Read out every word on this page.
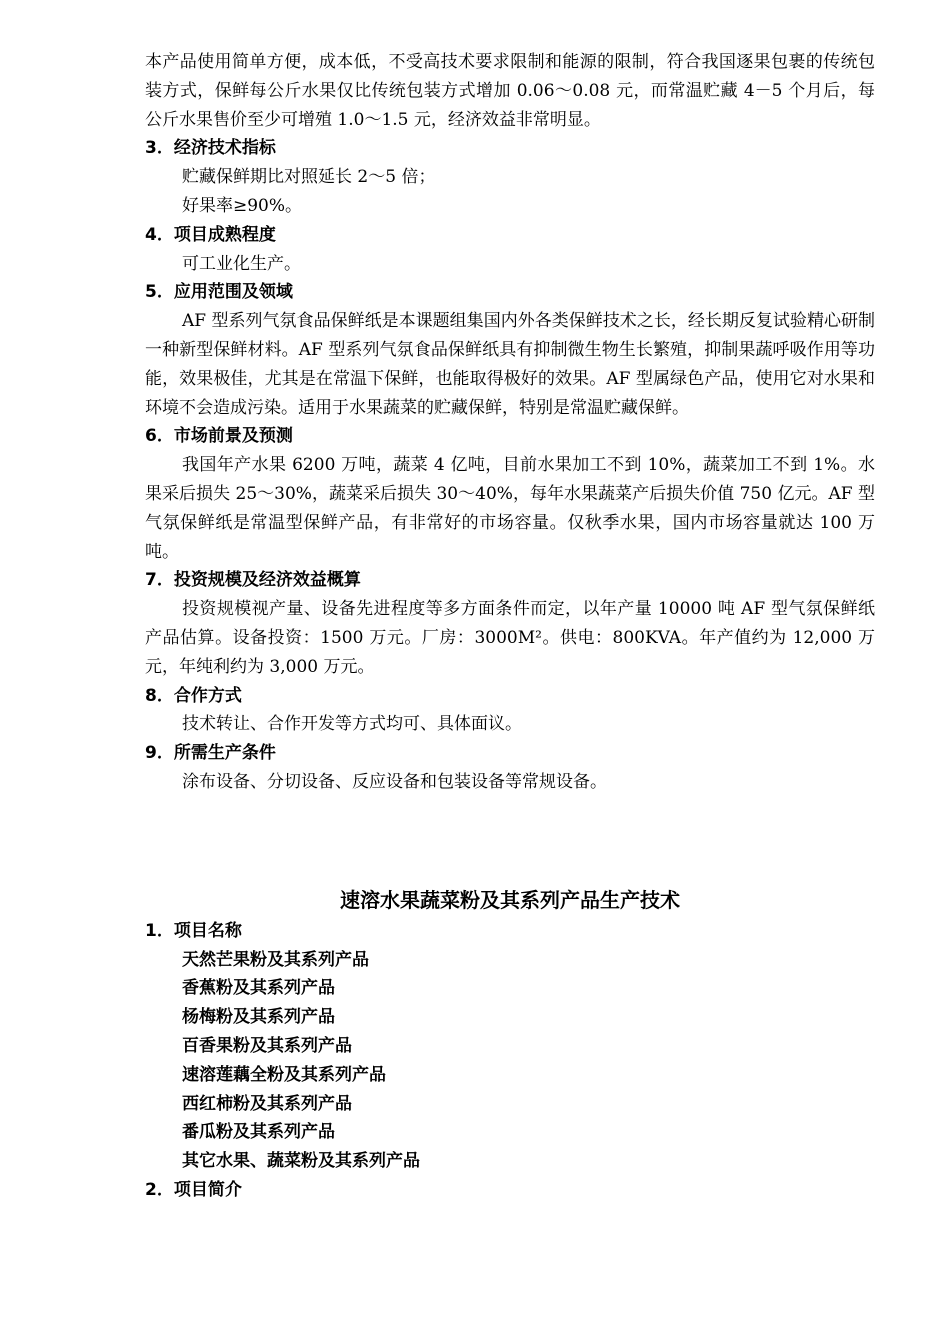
本产品使用简单方便，成本低，不受高技术要求限制和能源的限制，符合我国逐果包裹的传统包装方式，保鲜每公斤水果仅比传统包装方式增加 0.06～0.08 元，而常温贮藏 4－5 个月后，每公斤水果售价至少可增殖 1.0～1.5 元，经济效益非常明显。

3．经济技术指标

贮藏保鲜期比对照延长 2～5 倍；

好果率≥90%。

4．项目成熟程度

可工业化生产。

5．应用范围及领域

AF 型系列气氛食品保鲜纸是本课题组集国内外各类保鲜技术之长，经长期反复试验精心研制一种新型保鲜材料。AF 型系列气氛食品保鲜纸具有抑制微生物生长繁殖，抑制果蔬呼吸作用等功能，效果极佳，尤其是在常温下保鲜，也能取得极好的效果。AF 型属绿色产品，使用它对水果和环境不会造成污染。适用于水果蔬菜的贮藏保鲜，特别是常温贮藏保鲜。

6．市场前景及预测

我国年产水果 6200 万吨，蔬菜 4 亿吨，目前水果加工不到 10%，蔬菜加工不到 1%。水果采后损失 25～30%，蔬菜采后损失 30～40%，每年水果蔬菜产后损失价值 750 亿元。AF 型气氛保鲜纸是常温型保鲜产品，有非常好的市场容量。仅秋季水果，国内市场容量就达 100 万吨。

7．投资规模及经济效益概算

投资规模视产量、设备先进程度等多方面条件而定，以年产量 10000 吨 AF 型气氛保鲜纸产品估算。设备投资：1500 万元。厂房：3000M²。供电：800KVA。年产值约为 12,000 万元，年纯利约为 3,000 万元。

8．合作方式

技术转让、合作开发等方式均可、具体面议。

9．所需生产条件

涂布设备、分切设备、反应设备和包装设备等常规设备。

速溶水果蔬菜粉及其系列产品生产技术

1．项目名称

天然芒果粉及其系列产品

香蕉粉及其系列产品

杨梅粉及其系列产品

百香果粉及其系列产品

速溶莲藕全粉及其系列产品

西红柿粉及其系列产品

番瓜粉及其系列产品

其它水果、蔬菜粉及其系列产品

2．项目简介
